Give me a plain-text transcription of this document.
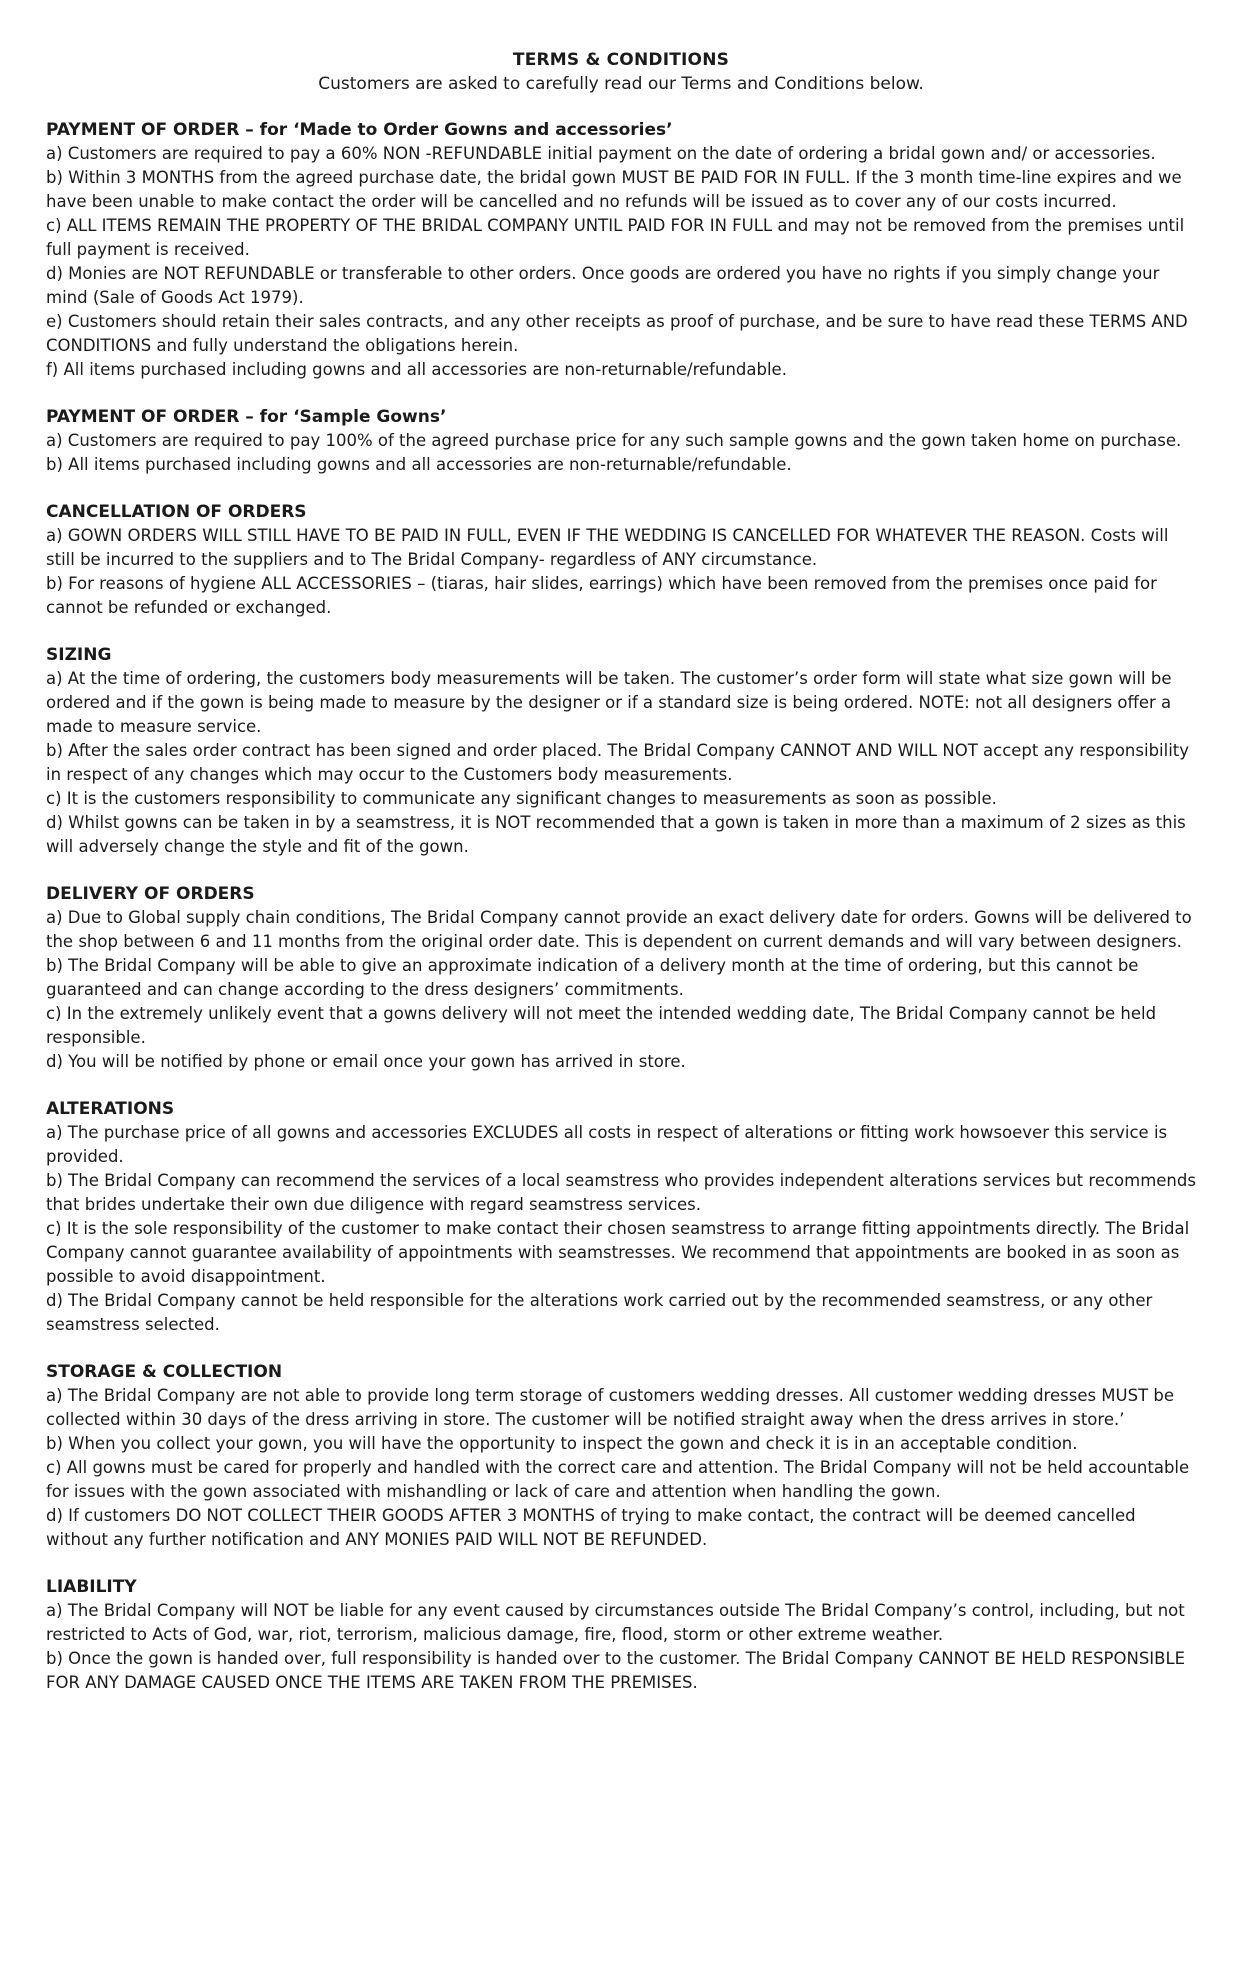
TERMS & CONDITIONS

Customers are asked to carefully read our Terms and Conditions below.

PAYMENT OF ORDER – for ‘Made to Order Gowns and accessories’

a) Customers are required to pay a 60% NON -REFUNDABLE initial payment on the date of ordering a bridal gown and/ or accessories.

b) Within 3 MONTHS from the agreed purchase date, the bridal gown MUST BE PAID FOR IN FULL. If the 3 month time-line expires and we have been unable to make contact the order will be cancelled and no refunds will be issued as to cover any of our costs incurred.

c) ALL ITEMS REMAIN THE PROPERTY OF THE BRIDAL COMPANY UNTIL PAID FOR IN FULL and may not be removed from the premises until full payment is received.

d) Monies are NOT REFUNDABLE or transferable to other orders. Once goods are ordered you have no rights if you simply change your mind (Sale of Goods Act 1979).

e) Customers should retain their sales contracts, and any other receipts as proof of purchase, and be sure to have read these TERMS AND CONDITIONS and fully understand the obligations herein.

f) All items purchased including gowns and all accessories are non-returnable/refundable.

PAYMENT OF ORDER – for ‘Sample Gowns’

a) Customers are required to pay 100% of the agreed purchase price for any such sample gowns and the gown taken home on purchase.

b) All items purchased including gowns and all accessories are non-returnable/refundable.

CANCELLATION OF ORDERS

a) GOWN ORDERS WILL STILL HAVE TO BE PAID IN FULL, EVEN IF THE WEDDING IS CANCELLED FOR WHATEVER THE REASON. Costs will still be incurred to the suppliers and to The Bridal Company- regardless of ANY circumstance.

b) For reasons of hygiene ALL ACCESSORIES – (tiaras, hair slides, earrings) which have been removed from the premises once paid for cannot be refunded or exchanged.

SIZING

a) At the time of ordering, the customers body measurements will be taken. The customer’s order form will state what size gown will be ordered and if the gown is being made to measure by the designer or if a standard size is being ordered. NOTE: not all designers offer a made to measure service.

b) After the sales order contract has been signed and order placed. The Bridal Company CANNOT AND WILL NOT accept any responsibility in respect of any changes which may occur to the Customers body measurements.

c) It is the customers responsibility to communicate any significant changes to measurements as soon as possible.

d) Whilst gowns can be taken in by a seamstress, it is NOT recommended that a gown is taken in more than a maximum of 2 sizes as this will adversely change the style and fit of the gown.

DELIVERY OF ORDERS

a) Due to Global supply chain conditions, The Bridal Company cannot provide an exact delivery date for orders. Gowns will be delivered to the shop between 6 and 11 months from the original order date. This is dependent on current demands and will vary between designers.

b) The Bridal Company will be able to give an approximate indication of a delivery month at the time of ordering, but this cannot be guaranteed and can change according to the dress designers’ commitments.

c) In the extremely unlikely event that a gowns delivery will not meet the intended wedding date, The Bridal Company cannot be held responsible.

d) You will be notified by phone or email once your gown has arrived in store.

ALTERATIONS

a) The purchase price of all gowns and accessories EXCLUDES all costs in respect of alterations or fitting work howsoever this service is provided.

b) The Bridal Company can recommend the services of a local seamstress who provides independent alterations services but recommends that brides undertake their own due diligence with regard seamstress services.

c) It is the sole responsibility of the customer to make contact their chosen seamstress to arrange fitting appointments directly. The Bridal Company cannot guarantee availability of appointments with seamstresses. We recommend that appointments are booked in as soon as possible to avoid disappointment.

d) The Bridal Company cannot be held responsible for the alterations work carried out by the recommended seamstress, or any other seamstress selected.

STORAGE & COLLECTION

a) The Bridal Company are not able to provide long term storage of customers wedding dresses. All customer wedding dresses MUST be collected within 30 days of the dress arriving in store. The customer will be notified straight away when the dress arrives in store.’

b) When you collect your gown, you will have the opportunity to inspect the gown and check it is in an acceptable condition.

c) All gowns must be cared for properly and handled with the correct care and attention. The Bridal Company will not be held accountable for issues with the gown associated with mishandling or lack of care and attention when handling the gown.

d) If customers DO NOT COLLECT THEIR GOODS AFTER 3 MONTHS of trying to make contact, the contract will be deemed cancelled without any further notification and ANY MONIES PAID WILL NOT BE REFUNDED.

LIABILITY

a) The Bridal Company will NOT be liable for any event caused by circumstances outside The Bridal Company’s control, including, but not restricted to Acts of God, war, riot, terrorism, malicious damage, fire, flood, storm or other extreme weather.

b) Once the gown is handed over, full responsibility is handed over to the customer. The Bridal Company CANNOT BE HELD RESPONSIBLE FOR ANY DAMAGE CAUSED ONCE THE ITEMS ARE TAKEN FROM THE PREMISES.
